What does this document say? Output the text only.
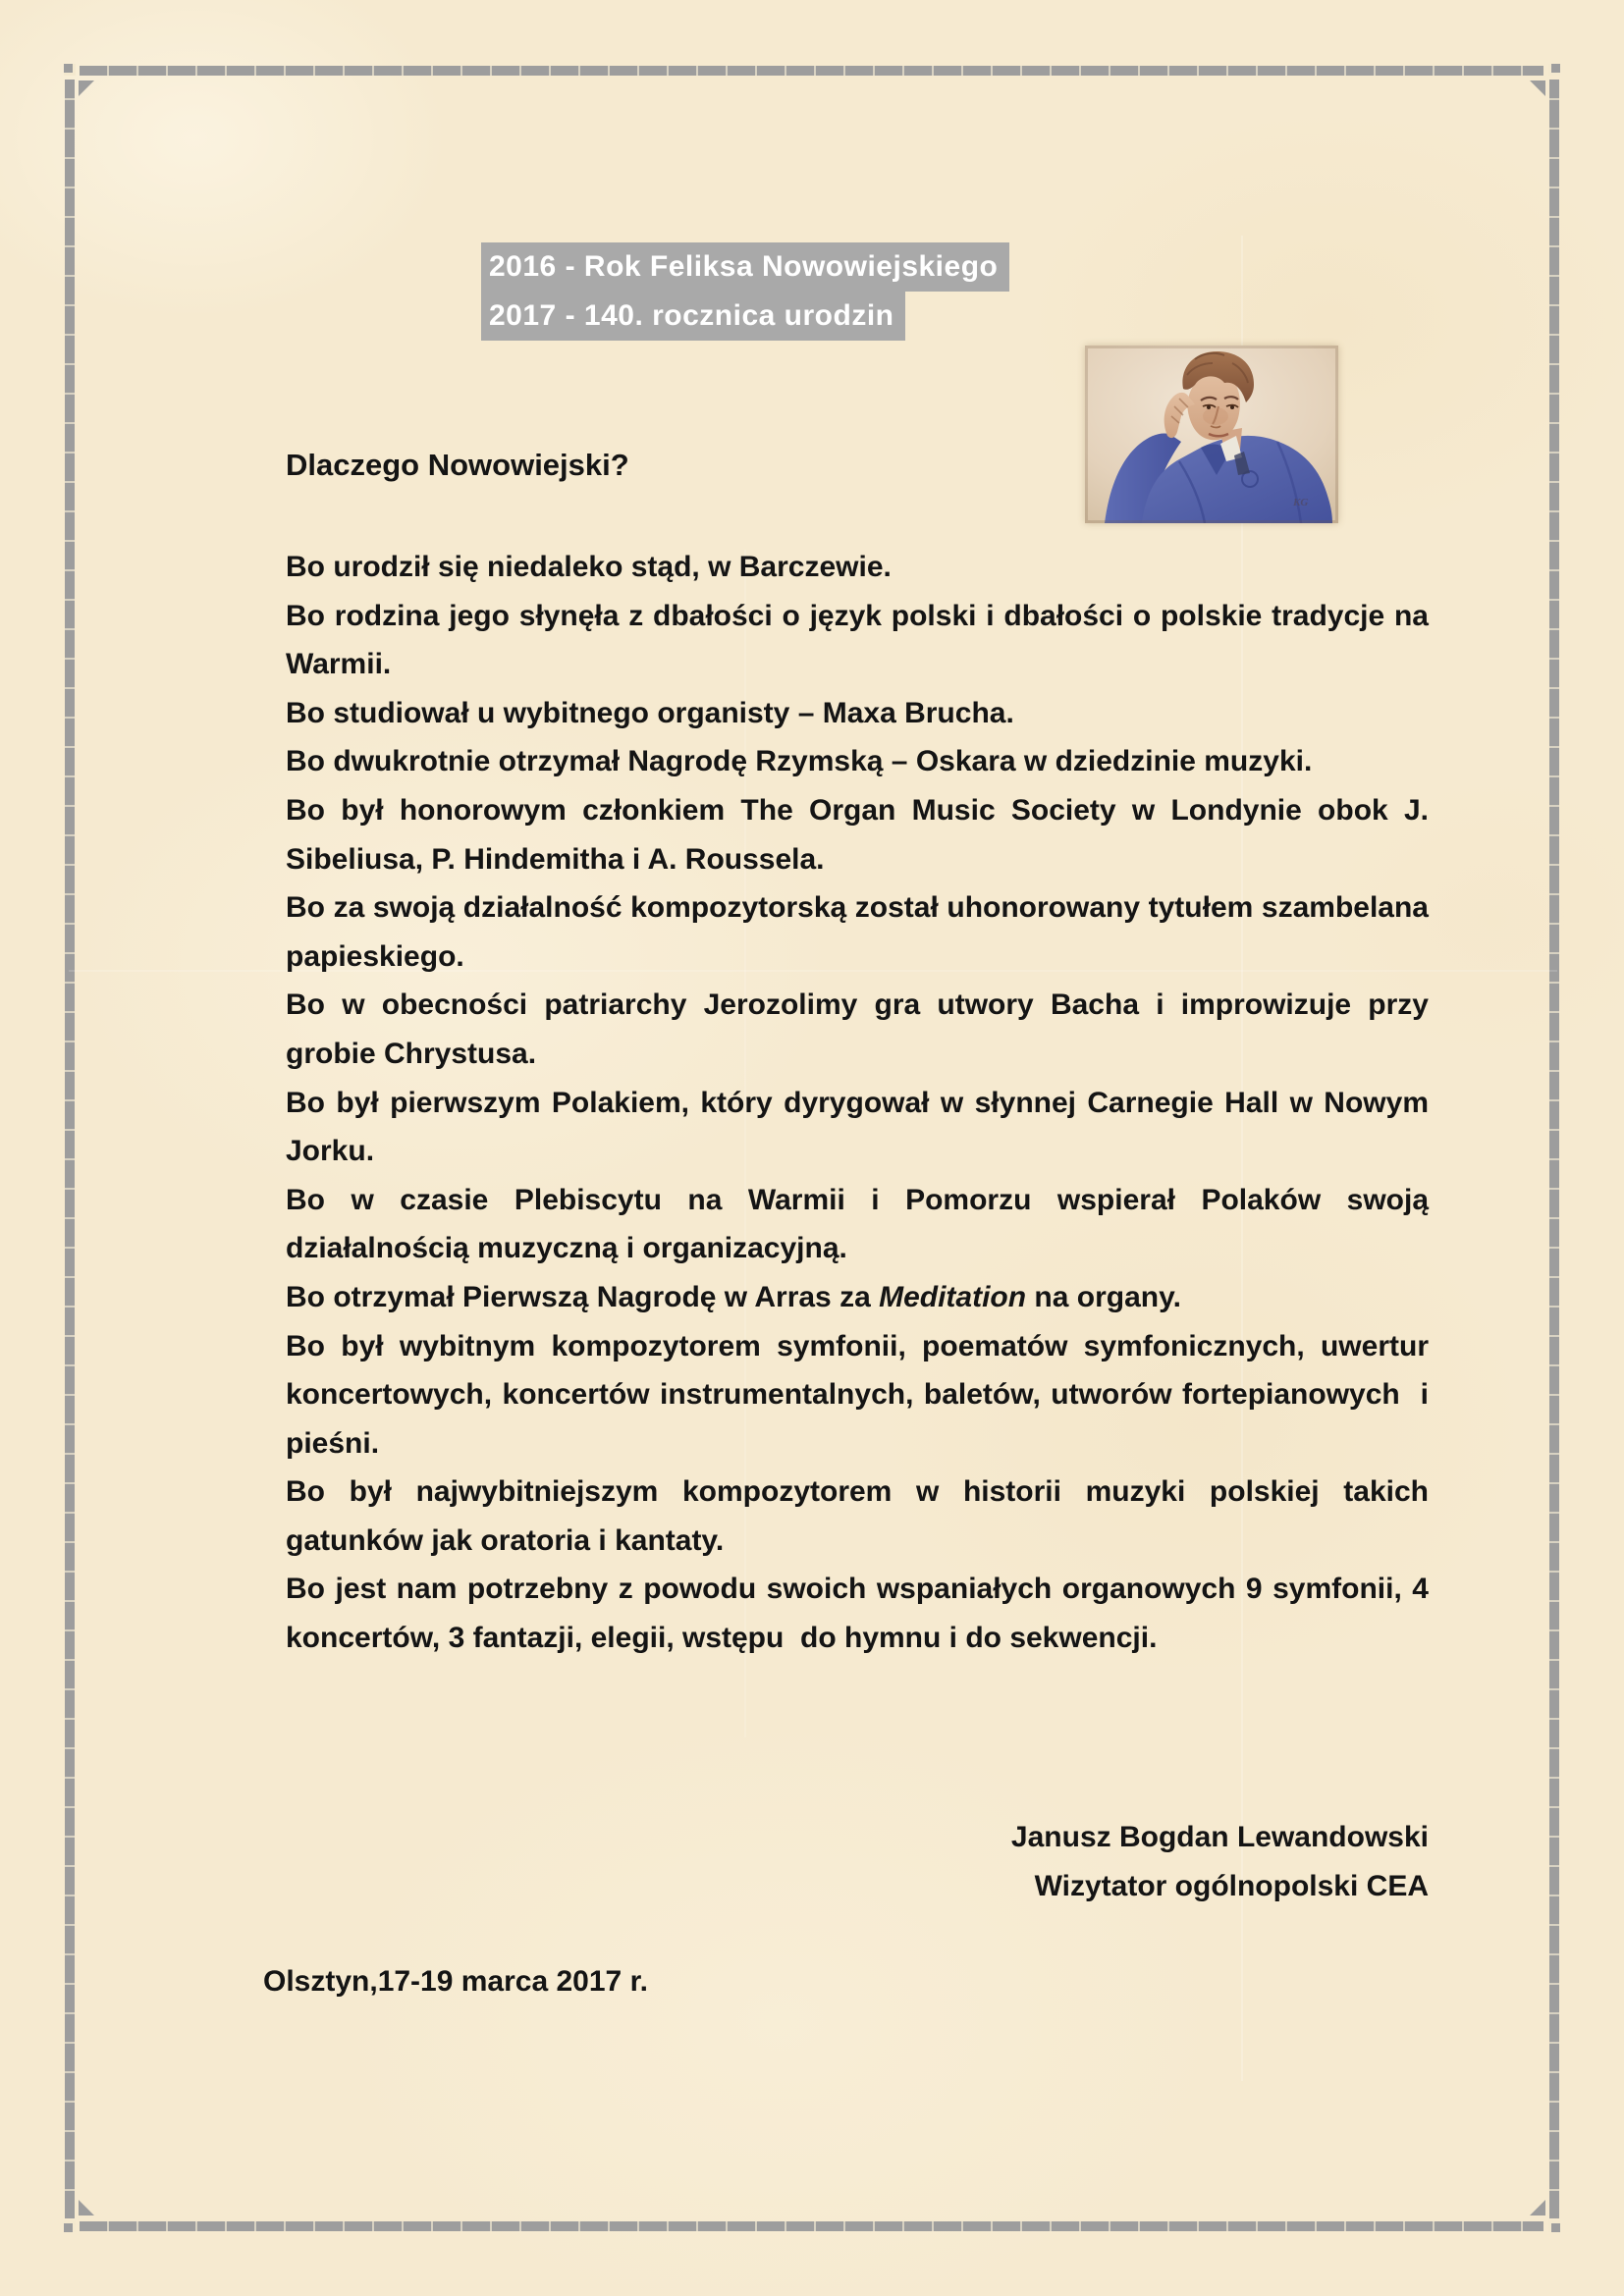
2016 - Rok Feliksa Nowowiejskiego
2017 - 140. rocznica urodzin
KG
Dlaczego Nowowiejski?

Bo urodził się niedaleko stąd, w Barczewie.

Bo rodzina jego słynęła z dbałości o język polski i dbałości o polskie tradycje na Warmii.

Bo studiował u wybitnego organisty – Maxa Brucha.

Bo dwukrotnie otrzymał Nagrodę Rzymską – Oskara w dziedzinie muzyki.

Bo był honorowym członkiem The Organ Music Society w Londynie obok J. Sibeliusa, P. Hindemitha i A. Roussela.

Bo za swoją działalność kompozytorską został uhonorowany tytułem szambelana papieskiego.

Bo w obecności patriarchy Jerozolimy gra utwory Bacha i improwizuje przy grobie Chrystusa.

Bo był pierwszym Polakiem, który dyrygował w słynnej Carnegie Hall w Nowym Jorku.

Bo w czasie Plebiscytu na Warmii i Pomorzu wspierał Polaków swoją działalnością muzyczną i organizacyjną.

Bo otrzymał Pierwszą Nagrodę w Arras za Meditation na organy.

Bo był wybitnym kompozytorem symfonii, poematów symfonicznych, uwertur koncertowych, koncertów instrumentalnych, baletów, utworów fortepianowych  i pieśni.

Bo był najwybitniejszym kompozytorem w historii muzyki polskiej takich gatunków jak oratoria i kantaty.

Bo jest nam potrzebny z powodu swoich wspaniałych organowych 9 symfonii, 4 koncertów, 3 fantazji, elegii, wstępu  do hymnu i do sekwencji.

Janusz Bogdan Lewandowski
Wizytator ogólnopolski CEA
Olsztyn,17-19 marca 2017 r.
